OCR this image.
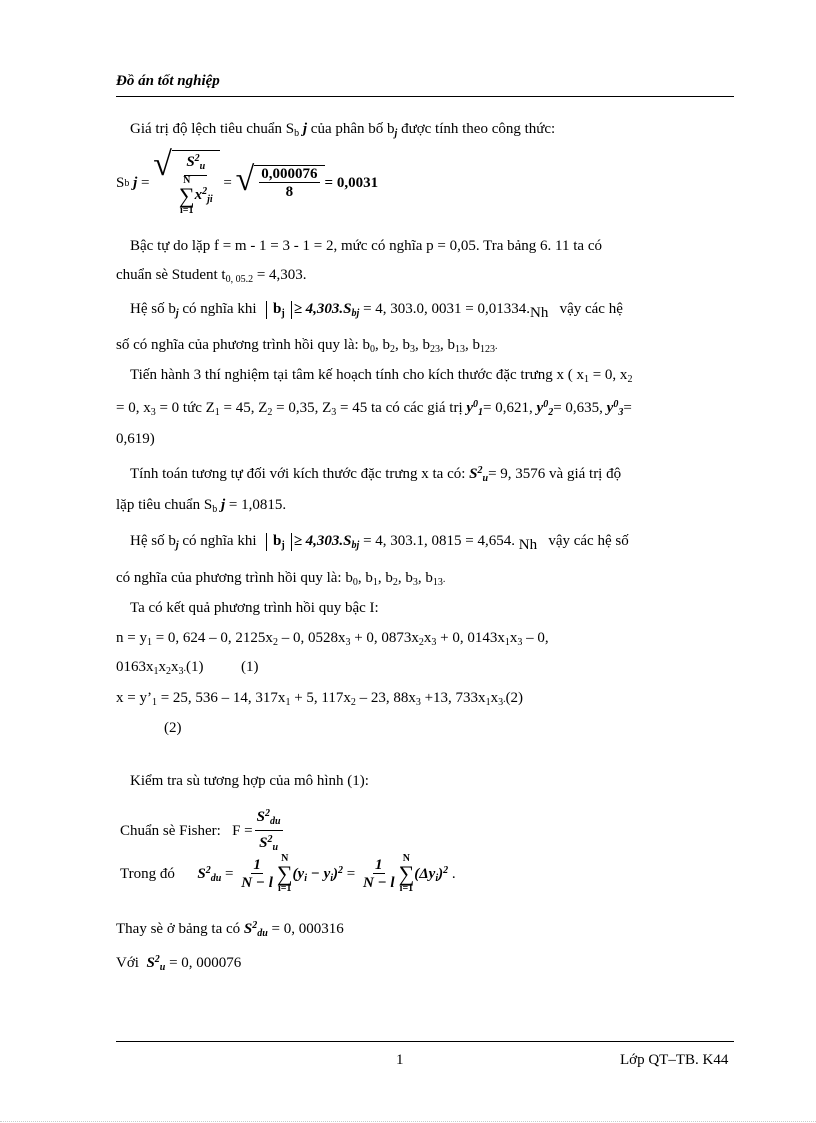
Đồ án tốt nghiệp
Giá trị độ lệch tiêu chuẩn $S_b$ j của phân bố $b_j$ được tính theo công thức:
S b
j = √ $S^2_u$
N
∑
i=1
$x^2_{ji}$ = √ $\frac{0,000076}{8} = 0,0031$
Bậc tự do lặp f = m - 1 = 3 - 1 = 2, mức có nghĩa p = 0,05. Tra bảng 6. 11 ta có
chuẩn sè Student $t_{0, 05.2} = 4,303$.
Hệ số $b_j$ có nghĩa khi $b_j \ge 4,303.S_{bj} = 4$, 303.0, 0031 = 0,01334.Nh vậy các hệ
số có nghĩa của phương trình hồi quy là: $b_0$, $b_2$, $b_3$, $b_{23}$, $b_{13}$, $b_{123}$.
Tiến hành 3 thí nghiệm tại tâm kế hoạch tính cho kích thước đặc trưng x ( $x_1 = 0$, $x_2$
= 0, $x_3 = 0$ tức $Z_1 = 45$, $Z_2 = 0,35$, $Z_3 = 45$ ta có các giá trị $y^0_1= 0,621$, $y^0_2= 0,635$, $y^0_3=$
0,619)
Tính toán tương tự đối với kích thước đặc trưng x ta có: $S^2_u= 9$, 3576 và giá trị độ
lặp tiêu chuẩn $S_b$ j = 1,0815.
Hệ số $b_j$ có nghĩa khi $b_j \ge 4,303.S_{bj} = 4$, 303.1, 0815 = 4,654. Nh vậy các hệ số
có nghĩa của phương trình hồi quy là: $b_0$, $b_1$, $b_2$, $b_3$, $b_{13}$.
Ta có kết quả phương trình hồi quy bậc I:
$n = y_1 = 0$, 624 – 0, $2125x_2 - 0$, $0528x_3 + 0$, $0873x_2x_3 + 0$, $0143x_1x_3 - 0$,
$0163x_1x_2x_3.(1)$          (1)
$x = y’_1 = 25$, 536 – 14, $317x_1 + 5$, $117x_2 - 23$, $88x_3 +13$, $733x_1x_3.(2)$
(2)
Kiểm tra sù tương hợp của mô hình (1):
Chuẩn sè Fisher:
$F = \frac{S^2_{du}}{S^2_u}$
Trong đó
$S^2_{du} = \frac{1}{N - l}$ N
∑
i=1
$(y_i - y_i)^2 = \frac{1}{N - l}$ N
∑
i=1
$(\Delta y_i)^2$ .
Thay sè ở bảng ta có $S^2_{du} = 0$, 000316
Với $S^2_u = 0$, 000076
1	Lớp QT–TB. K44
